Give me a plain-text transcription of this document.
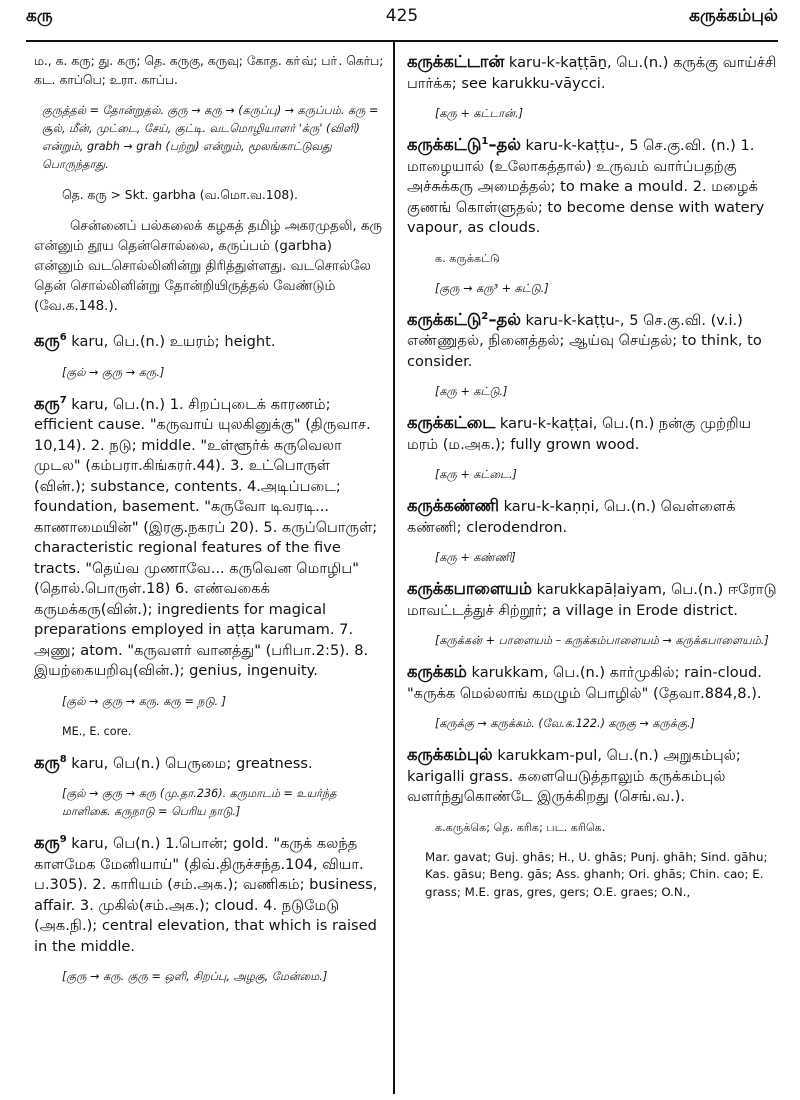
கரு	425	கருக்கம்புல்

ம., க. கரு; து. கரு; தெ. கருகு, கருவு; கோத. கா்வ்; பா். கெர்ப; கட. காப்பெ; உரா. காப்ப.

குருத்தல் = தோன்றுதல். குரு → கரு → (கருப்பு) → கருப்பம். கரு = சூல், மீன், முட்டை, சேய், குட்டி. வடமொழியாளர் 'க்ரு' (விளி) என்றும், grabh → grah (பற்று) என்றும், மூலங்காட்டுவது பொருந்தாது.

தெ. கரு > Skt. garbha (வ.மொ.வ.108).

சென்னைப் பல்கலைக் கழகத் தமிழ் அகரமுதலி, கரு என்னும் தூய தென்சொல்லை, கருப்பம் (garbha) என்னும் வடசொல்லினின்று திரித்துள்ளது. வடசொல்லே தென் சொல்லினின்று தோன்றியிருத்தல் வேண்டும் (வே.க.148.).

கரு$^6$ karu, பெ.(n.) உயரம்; height.

[குல் → குரு → கரு.]

கரு$^7$ karu, பெ.(n.) 1. சிறப்புடைக் காரணம்; efficient cause. "கருவாய் யுலகினுக்கு" (திருவாச. 10,14). 2. நடு; middle. "உள்ளூர்க் கருவெலா முடல" (கம்பரா.கிங்கரர்.44). 3. உட்பொருள் (வின்.); substance, contents. 4.அடிப்படை; foundation, basement. "கருவோ டிவரடி... காணாமையின்" (இரகு.நகரப் 20). 5. கருப்பொருள்; characteristic regional features of the five tracts. "தெய்வ முணாவே... கருவென மொழிப" (தொல்.பொருள்.18) 6. எண்வகைக் கருமக்கரு(வின்.); ingredients for magical preparations employed in aṭṭa karumam. 7. அணு; atom. "கருவளர் வானத்து" (பரிபா.2:5). 8. இயற்கையறிவு(வின்.); genius, ingenuity.

[குல் → குரு → கரு. கரு = நடு. ]

ME., E. core.

கரு$^8$ karu, பெ(n.) பெருமை; greatness.

[குல் → குரு → கரு (மு.தா.236). கருமாடம் = உயர்ந்த மாளிகை. கருநாடு = பெரிய நாடு.]

கரு$^9$ karu, பெ(n.) 1.பொன்; gold. "கருக் கலந்த காளமேக மேனியாய்" (திவ்.திருச்சந்த.104, வியா. ப.305). 2. காரியம் (சம்.அக.); வணிகம்; business, affair. 3. முகில்(சம்.அக.); cloud. 4. நடுமேடு (அக.நி.); central elevation, that which is raised in the middle.

[குரு → கரு. குரு = ஒளி, சிறப்பு, அழகு, மேன்மை.]

கருக்கட்டான் karu-k-kaṭṭāṉ, பெ.(n.) கருக்கு வாய்ச்சி பார்க்க; see karukku-vāycci.

[கரு + கட்டான்.]

கருக்கட்டு$^1$–தல் karu-k-kaṭṭu-, 5 செ.கு.வி. (n.) 1. மாழையால் (உலோகத்தால்) உருவம் வார்ப்பதற்கு அச்சுக்கரு அமைத்தல்; to make a mould. 2. மழைக் குணங் கொள்ளுதல்; to become dense with watery vapour, as clouds.

க. கருக்கட்டு

[குரு → கரு³ + கட்டு.]

கருக்கட்டு$^2$–தல் karu-k-kaṭṭu-, 5 செ.கு.வி. (v.i.) எண்ணுதல், நினைத்தல்; ஆய்வு செய்தல்; to think, to consider.

[கரு + கட்டு.]

கருக்கட்டை karu-k-kaṭṭai, பெ.(n.) நன்கு முற்றிய மரம் (ம.அக.); fully grown wood.

[கரு + கட்டை.]

கருக்கண்ணி karu-k-kaṇṇi, பெ.(n.) வெள்ளைக் கண்ணி; clerodendron.

[கரு + கண்ணி]

கருக்கபாளையம் karukkapāḷaiyam, பெ.(n.) ஈரோடு மாவட்டத்துச் சிற்றூர்; a village in Erode district.

[கருக்கன் + பாளையம் – கருக்கம்பாளையம் → கருக்கபாளையம்.]

கருக்கம் karukkam, பெ.(n.) கார்முகில்; rain-cloud. "கருக்க மெல்லாங் கமழும் பொழில்" (தேவா.884,8.).

[கருக்கு → கருக்கம். (வே.க.122.) கருகு → கருக்கு.]

கருக்கம்புல் karukkam-pul, பெ.(n.) அறுகம்புல்; karigalli grass. களையெடுத்தாலும் கருக்கம்புல் வளர்ந்துகொண்டே இருக்கிறது (செங்.வ.).

க.கருக்கெ; தெ. கரிக; பட. கரிகெ.

Mar. gavat; Guj. ghās; H., U. ghās; Punj. ghāh; Sind. gāhu; Kas. gāsu; Beng. gās; Ass. ghanh; Ori. ghās; Chin. cao; E. grass; M.E. gras, gres, gers; O.E. graes; O.N.,
